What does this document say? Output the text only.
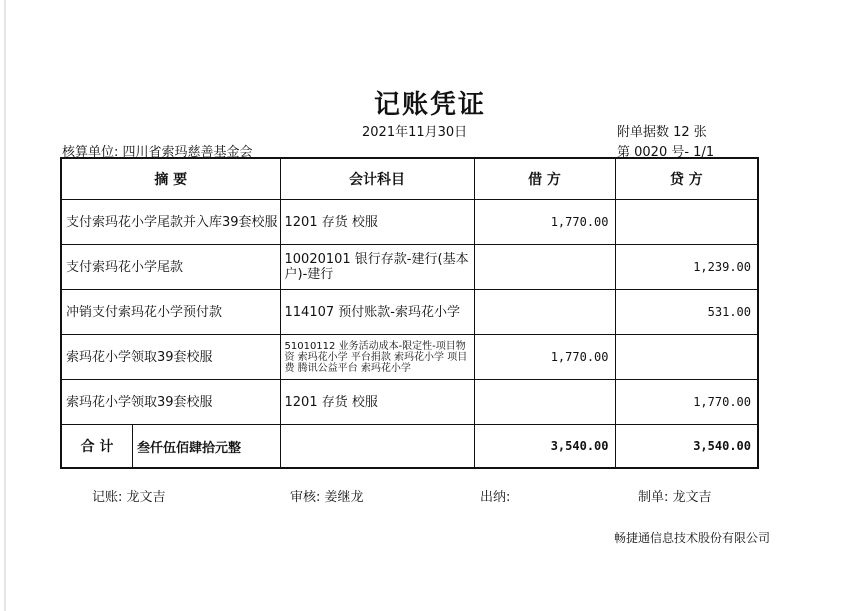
记账凭证
2021年11月30日	附单据数 12 张
核算单位: 四川省索玛慈善基金会	第 0020 号- 1/1
摘 要	会计科目	借 方	贷 方
支付索玛花小学尾款并入库39套校服	1201 存货 校服	1,770.00	
支付索玛花小学尾款	10020101 银行存款-建行(基本户)-建行		1,239.00
冲销支付索玛花小学预付款	114107 预付账款-索玛花小学		531.00
索玛花小学领取39套校服	51010112 业务活动成本-限定性-项目物资 索玛花小学 平台捐款 索玛花小学 项目费 腾讯公益平台 索玛花小学	1,770.00	
索玛花小学领取39套校服	1201 存货 校服		1,770.00

合 计 叁仟伍佰肆拾元整		3,540.00	3,540.00
记账: 龙文吉	审核: 姜继龙	出纳:	制单: 龙文吉
畅捷通信息技术股份有限公司
